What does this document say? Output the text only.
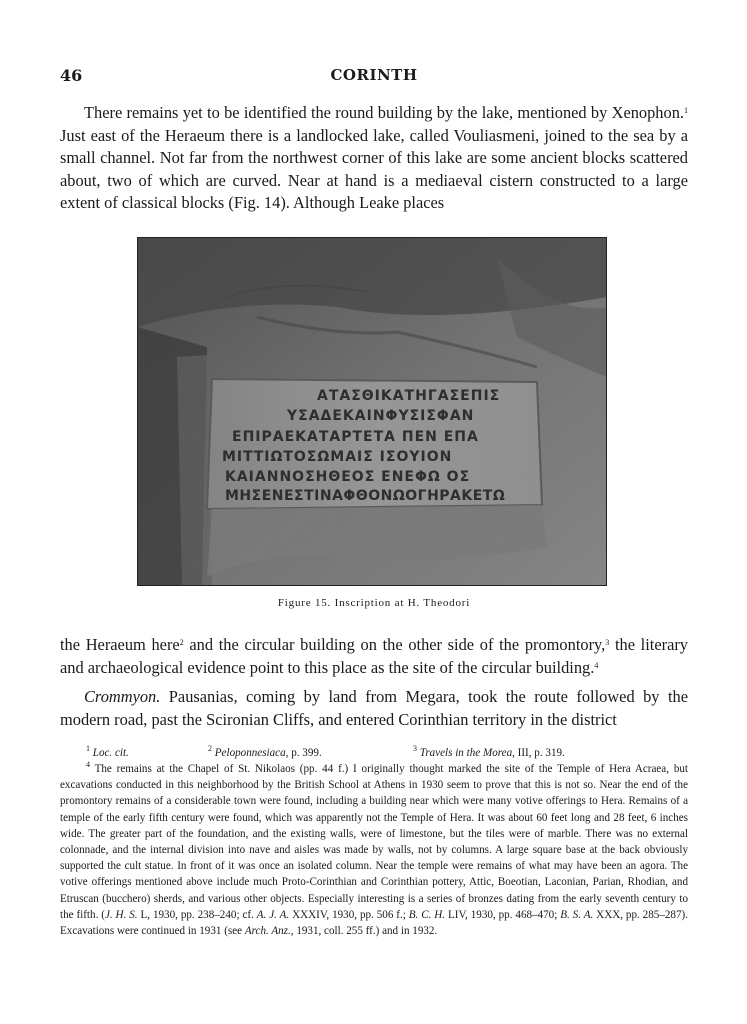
46	CORINTH
There remains yet to be identified the round building by the lake, mentioned by Xenophon.$^1$ Just east of the Heraeum there is a landlocked lake, called Vouliasmeni, joined to the sea by a small channel. Not far from the northwest corner of this lake are some ancient blocks scattered about, two of which are curved. Near at hand is a mediaeval cistern constructed to a large extent of classical blocks (Fig. 14). Although Leake places
ΑΤΑΣΘΙΚΑΤΗΓΑΣΕΠΙΣ
ΥΣΑΔΕΚΑΙΝΦΥΣΙΣΦΑΝ
ΕΠΙΡΑΕΚΑΤΑΡΤΕΤΑ ΠΕΝ ΕΠΑ
ΜΙΤΤΙΩΤΟΣΩΜΑΙΣ ΙΣΟΥΙΟΝ
ΚΑΙΑΝΝΟΣΗΘΕΟΣ ΕΝΕΦΩ ΟΣ
ΜΗΣΕΝΕΣΤΙΝΑΦΘΟΝΩΟΓΗΡΑΚΕΤΩ
Figure 15. Inscription at H. Theodori
the Heraeum here$^2$ and the circular building on the other side of the promontory,$^3$ the literary and archaeological evidence point to this place as the site of the circular building.$^4$
Crommyon. Pausanias, coming by land from Megara, took the route followed by the modern road, past the Scironian Cliffs, and entered Corinthian territory in the district
$^1$ Loc. cit.	$^2$ Peloponnesiaca, p. 399.	$^3$ Travels in the Morea, III, p. 319.
$^4$ The remains at the Chapel of St. Nikolaos (pp. 44 f.) I originally thought marked the site of the Temple of Hera Acraea, but excavations conducted in this neighborhood by the British School at Athens in 1930 seem to prove that this is not so. Near the end of the promontory remains of a considerable town were found, including a building near which were many votive offerings to Hera. Remains of a temple of the early fifth century were found, which was apparently not the Temple of Hera. It was about 60 feet long and 28 feet, 6 inches wide. The greater part of the foundation, and the existing walls, were of limestone, but the tiles were of marble. There was no external colonnade, and the internal division into nave and aisles was made by walls, not by columns. A large square base at the back obviously supported the cult statue. In front of it was once an isolated column. Near the temple were remains of what may have been an agora. The votive offerings mentioned above include much Proto-Corinthian and Corinthian pottery, Attic, Boeotian, Laconian, Parian, Rhodian, and Etruscan (bucchero) sherds, and various other objects. Especially interesting is a series of bronzes dating from the early seventh century to the fifth. (J. H. S. L, 1930, pp. 238–240; cf. A. J. A. XXXIV, 1930, pp. 506 f.; B. C. H. LIV, 1930, pp. 468–470; B. S. A. XXX, pp. 285–287). Excavations were continued in 1931 (see Arch. Anz., 1931, coll. 255 ff.) and in 1932.
